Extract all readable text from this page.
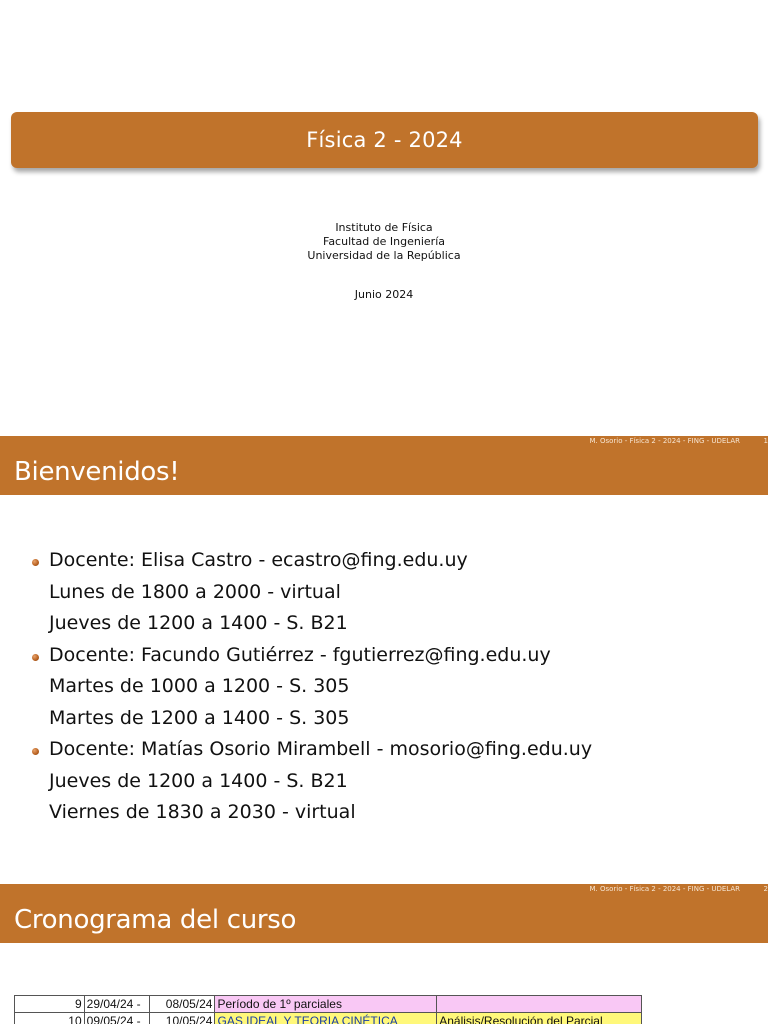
Física 2 - 2024
Instituto de Física
Facultad de Ingeniería
Universidad de la República
Junio 2024
M. Osorio - Física 2 - 2024 - FING - UDELAR	1
Bienvenidos!
Docente: Elisa Castro - ecastro@fing.edu.uy
Lunes de 1800 a 2000 - virtual
Jueves de 1200 a 1400 - S. B21
Docente: Facundo Gutiérrez - fgutierrez@fing.edu.uy
Martes de 1000 a 1200 - S. 305
Martes de 1200 a 1400 - S. 305
Docente: Matías Osorio Mirambell - mosorio@fing.edu.uy
Jueves de 1200 a 1400 - S. B21
Viernes de 1830 a 2030 - virtual
M. Osorio - Física 2 - 2024 - FING - UDELAR	2
Cronograma del curso
9	29/04/24 -	08/05/24	Período de 1º parciales	
10	09/05/24 -	10/05/24	GAS IDEAL Y TEORIA CINÉTICA	Análisis/Resolución del Parcial
